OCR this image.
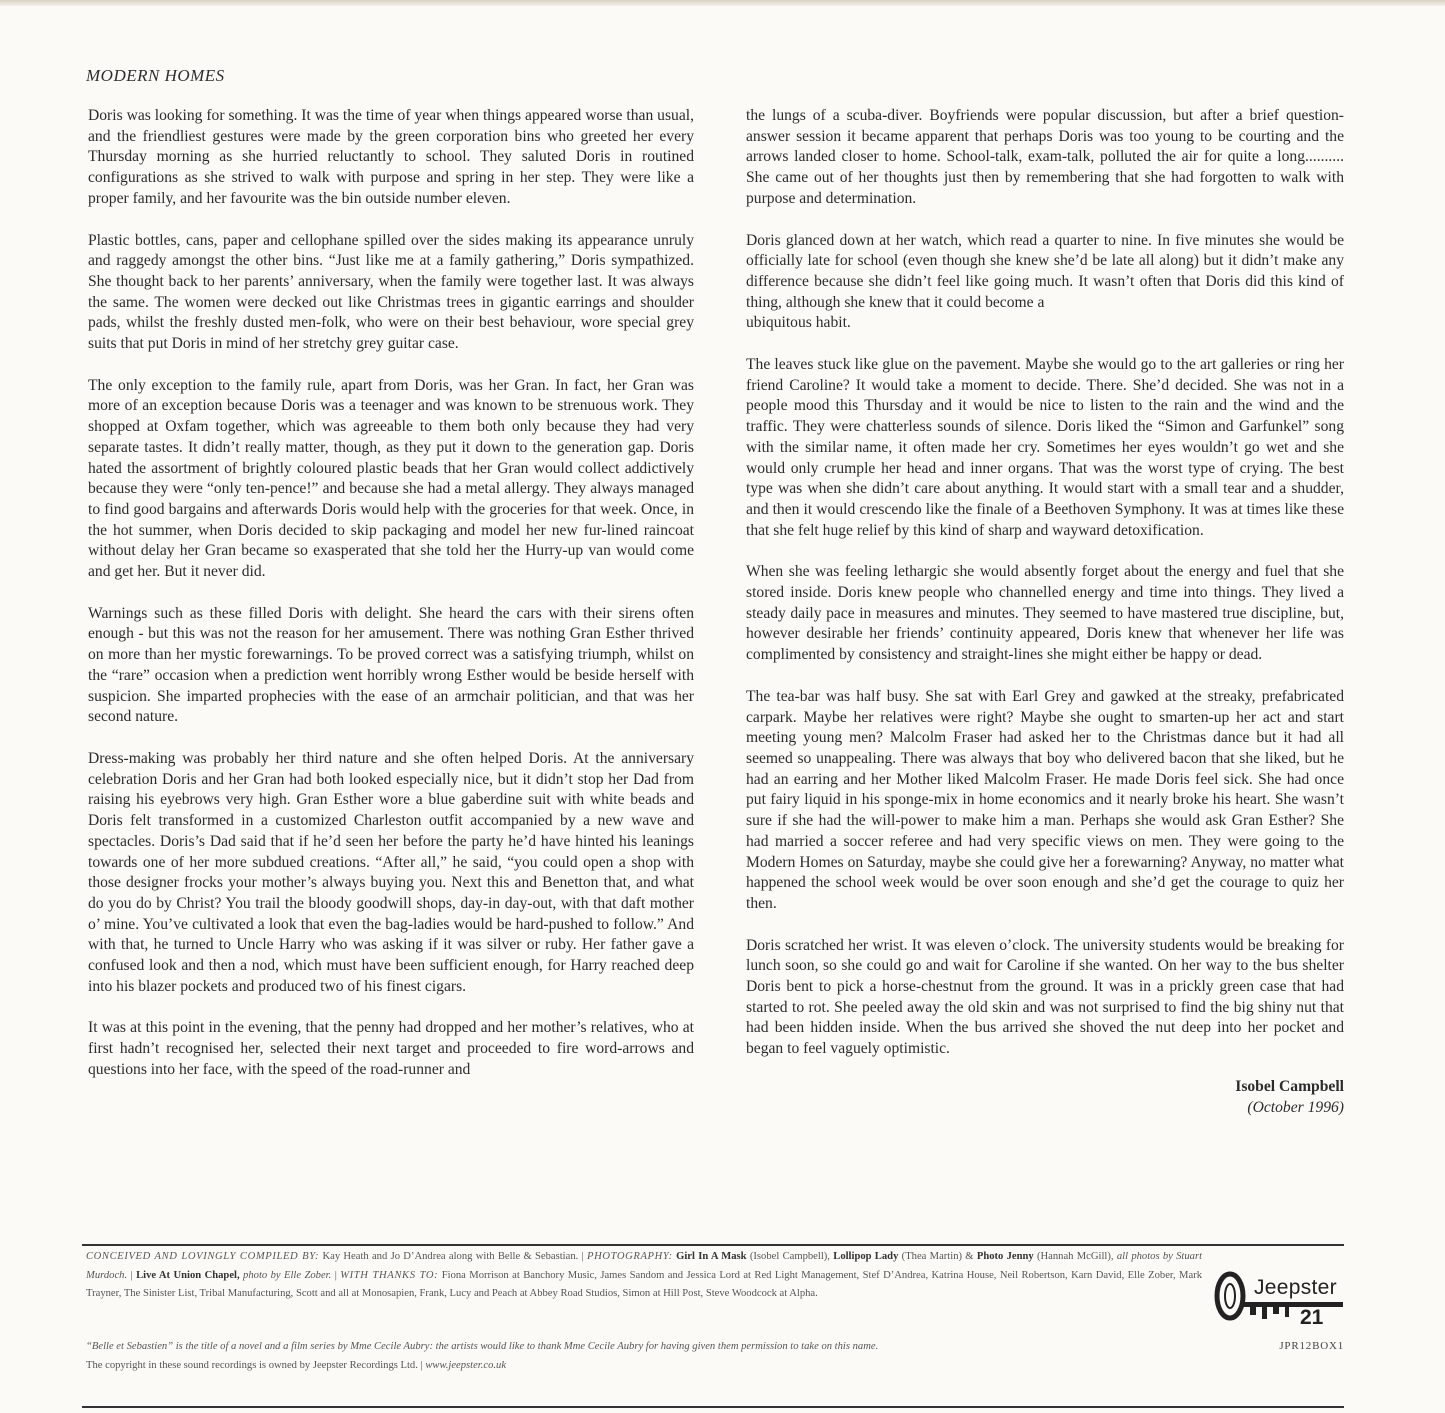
MODERN HOMES

Doris was looking for something. It was the time of year when things appeared worse than usual, and the friendliest gestures were made by the green corporation bins who greeted her every Thursday morning as she hurried reluctantly to school. They saluted Doris in routined configurations as she strived to walk with purpose and spring in her step. They were like a proper family, and her favourite was the bin outside number eleven.

Plastic bottles, cans, paper and cellophane spilled over the sides making its appearance unruly and raggedy amongst the other bins. “Just like me at a family gathering,” Doris sympathized. She thought back to her parents’ anniversary, when the family were together last. It was always the same. The women were decked out like Christmas trees in gigantic earrings and shoulder pads, whilst the freshly dusted men-folk, who were on their best behaviour, wore special grey suits that put Doris in mind of her stretchy grey guitar case.

The only exception to the family rule, apart from Doris, was her Gran. In fact, her Gran was more of an exception because Doris was a teenager and was known to be strenuous work. They shopped at Oxfam together, which was agreeable to them both only because they had very separate tastes. It didn’t really matter, though, as they put it down to the generation gap. Doris hated the assortment of brightly coloured plastic beads that her Gran would collect addictively because they were “only ten-pence!” and because she had a metal allergy. They always managed to find good bargains and afterwards Doris would help with the groceries for that week. Once, in the hot summer, when Doris decided to skip packaging and model her new fur-lined raincoat without delay her Gran became so exasperated that she told her the Hurry-up van would come and get her. But it never did.

Warnings such as these filled Doris with delight. She heard the cars with their sirens often enough - but this was not the reason for her amusement. There was nothing Gran Esther thrived on more than her mystic forewarnings. To be proved correct was a satisfying triumph, whilst on the “rare” occasion when a prediction went horribly wrong Esther would be beside herself with suspicion. She imparted prophecies with the ease of an armchair politician, and that was her second nature.

Dress-making was probably her third nature and she often helped Doris. At the anniversary celebration Doris and her Gran had both looked especially nice, but it didn’t stop her Dad from raising his eyebrows very high. Gran Esther wore a blue gaberdine suit with white beads and Doris felt transformed in a customized Charleston outfit accompanied by a new wave and spectacles. Doris’s Dad said that if he’d seen her before the party he’d have hinted his leanings towards one of her more subdued creations. “After all,” he said, “you could open a shop with those designer frocks your mother’s always buying you. Next this and Benetton that, and what do you do by Christ? You trail the bloody goodwill shops, day-in day-out, with that daft mother o’ mine. You’ve cultivated a look that even the bag-ladies would be hard-pushed to follow.” And with that, he turned to Uncle Harry who was asking if it was silver or ruby. Her father gave a confused look and then a nod, which must have been sufficient enough, for Harry reached deep into his blazer pockets and produced two of his finest cigars.

It was at this point in the evening, that the penny had dropped and her mother’s relatives, who at first hadn’t recognised her, selected their next target and proceeded to fire word-arrows and questions into her face, with the speed of the road-runner and

the lungs of a scuba-diver. Boyfriends were popular discussion, but after a brief question-answer session it became apparent that perhaps Doris was too young to be courting and the arrows landed closer to home. School-talk, exam-talk, polluted the air for quite a long.......... She came out of her thoughts just then by remembering that she had forgotten to walk with purpose and determination.

Doris glanced down at her watch, which read a quarter to nine. In five minutes she would be officially late for school (even though she knew she’d be late all along) but it didn’t make any difference because she didn’t feel like going much. It wasn’t often that Doris did this kind of thing, although she knew that it could become a
ubiquitous habit.

The leaves stuck like glue on the pavement. Maybe she would go to the art galleries or ring her friend Caroline? It would take a moment to decide. There. She’d decided. She was not in a people mood this Thursday and it would be nice to listen to the rain and the wind and the traffic. They were chatterless sounds of silence. Doris liked the “Simon and Garfunkel” song with the similar name, it often made her cry. Sometimes her eyes wouldn’t go wet and she would only crumple her head and inner organs. That was the worst type of crying. The best type was when she didn’t care about anything. It would start with a small tear and a shudder, and then it would crescendo like the finale of a Beethoven Symphony. It was at times like these that she felt huge relief by this kind of sharp and wayward detoxification.

When she was feeling lethargic she would absently forget about the energy and fuel that she stored inside. Doris knew people who channelled energy and time into things. They lived a steady daily pace in measures and minutes. They seemed to have mastered true discipline, but, however desirable her friends’ continuity appeared, Doris knew that whenever her life was complimented by consistency and straight-lines she might either be happy or dead.

The tea-bar was half busy. She sat with Earl Grey and gawked at the streaky, prefabricated carpark. Maybe her relatives were right? Maybe she ought to smarten-up her act and start meeting young men? Malcolm Fraser had asked her to the Christmas dance but it had all seemed so unappealing. There was always that boy who delivered bacon that she liked, but he had an earring and her Mother liked Malcolm Fraser. He made Doris feel sick. She had once put fairy liquid in his sponge-mix in home economics and it nearly broke his heart. She wasn’t sure if she had the will-power to make him a man. Perhaps she would ask Gran Esther? She had married a soccer referee and had very specific views on men. They were going to the Modern Homes on Saturday, maybe she could give her a forewarning? Anyway, no matter what happened the school week would be over soon enough and she’d get the courage to quiz her then.

Doris scratched her wrist. It was eleven o’clock. The university students would be breaking for lunch soon, so she could go and wait for Caroline if she wanted. On her way to the bus shelter Doris bent to pick a horse-chestnut from the ground. It was in a prickly green case that had started to rot. She peeled away the old skin and was not surprised to find the big shiny nut that had been hidden inside. When the bus arrived she shoved the nut deep into her pocket and began to feel vaguely optimistic.

Isobel Campbell
(October 1996)
CONCEIVED AND LOVINGLY COMPILED BY: Kay Heath and Jo D’Andrea along with Belle & Sebastian. | PHOTOGRAPHY: Girl In A Mask (Isobel Campbell), Lollipop Lady (Thea Martin) & Photo Jenny (Hannah McGill), all photos by Stuart Murdoch. | Live At Union Chapel, photo by Elle Zober. | WITH THANKS TO: Fiona Morrison at Banchory Music, James Sandom and Jessica Lord at Red Light Management, Stef D’Andrea, Katrina House, Neil Robertson, Karn David, Elle Zober, Mark Trayner, The Sinister List, Tribal Manufacturing, Scott and all at Monosapien, Frank, Lucy and Peach at Abbey Road Studios, Simon at Hill Post, Steve Woodcock at Alpha.
“Belle et Sebastien” is the title of a novel and a film series by Mme Cecile Aubry: the artists would like to thank Mme Cecile Aubry for having given them permission to take on this name.
The copyright in these sound recordings is owned by Jeepster Recordings Ltd. | www.jeepster.co.uk
Jeepster
21
JPR12BOX1
